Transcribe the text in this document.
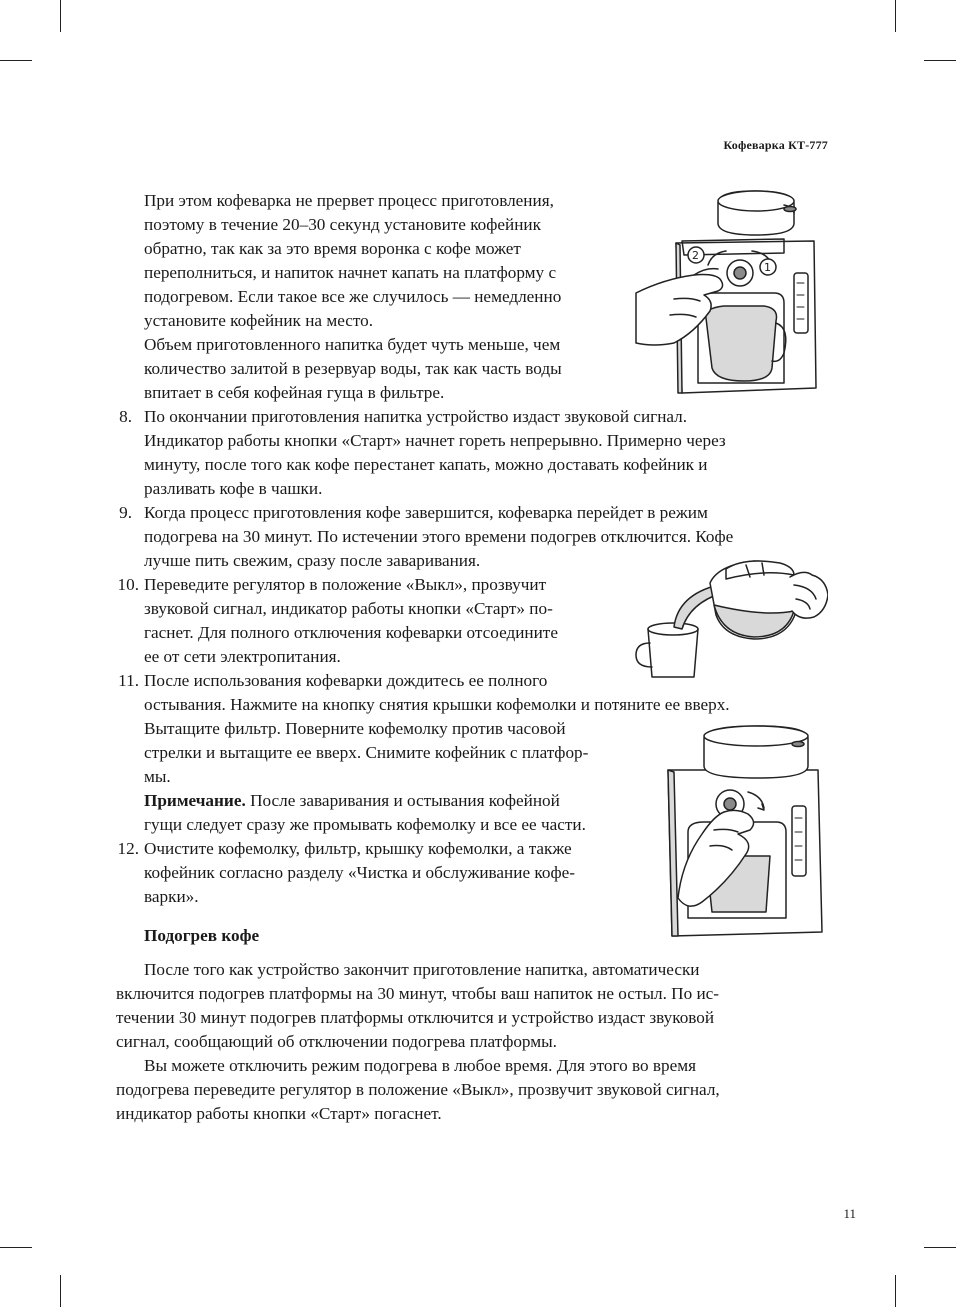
Кофеварка КТ-777
При этом кофеварка не прервет процесс приготовления,
поэтому в течение 20–30 секунд установите кофейник
обратно, так как за это время воронка с кофе может
переполниться, и напиток начнет капать на платформу с
подогревом. Если такое все же случилось — немедленно
установите кофейник на место.
Объем приготовленного напитка будет чуть меньше, чем
количество залитой в резервуар воды, так как часть воды
впитает в себя кофейная гуща в фильтре.
8. По окончании приготовления напитка устройство издаст звуковой сигнал.
Индикатор работы кнопки «Старт» начнет гореть непрерывно. Примерно через
минуту, после того как кофе перестанет капать, можно доставать кофейник и
разливать кофе в чашки.
9. Когда процесс приготовления кофе завершится, кофеварка перейдет в режим
подогрева на 30 минут. По истечении этого времени подогрев отключится. Кофе
лучше пить свежим, сразу после заваривания.
10. Переведите регулятор в положение «Выкл», прозвучит
звуковой сигнал, индикатор работы кнопки «Старт» по-
гаснет. Для полного отключения кофеварки отсоедините
ее от сети электропитания.
11. После использования кофеварки дождитесь ее полного
остывания. Нажмите на кнопку снятия крышки кофемолки и потяните ее вверх.
Вытащите фильтр. Поверните кофемолку против часовой
стрелки и вытащите ее вверх. Снимите кофейник с платфор-
мы.
Примечание. После заваривания и остывания кофейной
гущи следует сразу же промывать кофемолку и все ее части.
12. Очистите кофемолку, фильтр, крышку кофемолки, а также
кофейник согласно разделу «Чистка и обслуживание кофе-
варки».
Подогрев кофе
После того как устройство закончит приготовление напитка, автоматически
включится подогрев платформы на 30 минут, чтобы ваш напиток не остыл. По ис-
течении 30 минут подогрев платформы отключится и устройство издаст звуковой
сигнал, сообщающий об отключении подогрева платформы.
Вы можете отключить режим подогрева в любое время. Для этого во время
подогрева переведите регулятор в положение «Выкл», прозвучит звуковой сигнал,
индикатор работы кнопки «Старт» погаснет.
11
2
1
